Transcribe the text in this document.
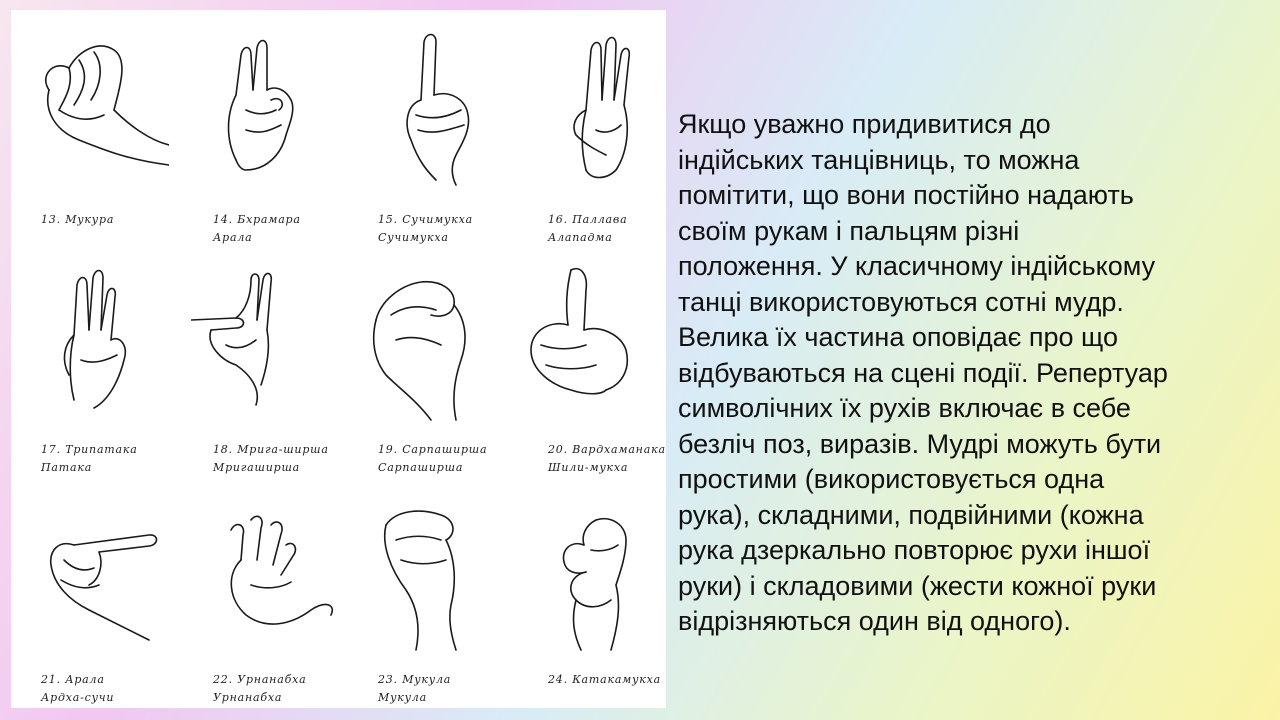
13. Мукура	14. Бхрамара
Арала
15. Сучимукха
Сучимукха
16. Паллава
Алападма
17. Трипатака
Патака
18. Мрига-ширша
Мригаширша
19. Сарпаширша
Сарпаширша
20. Вардхаманака
Шили-мукха
21. Арала
Ардха-сучи
22. Урнанабха
Урнанабха
23. Мукула
Мукула
24. Катакамукха
Якщо уважно придивитися до
індійських танцівниць, то можна
помітити, що вони постійно надають
своїм рукам і пальцям різні
положення. У класичному індійському
танці використовуються сотні мудр.
Велика їх частина оповідає про що
відбуваються на сцені події. Репертуар
символічних їх рухів включає в себе
безліч поз, виразів. Мудрі можуть бути
простими (використовується одна
рука), складними, подвійними (кожна
рука дзеркально повторює рухи іншої
руки) і складовими (жести кожної руки
відрізняються один від одного).
